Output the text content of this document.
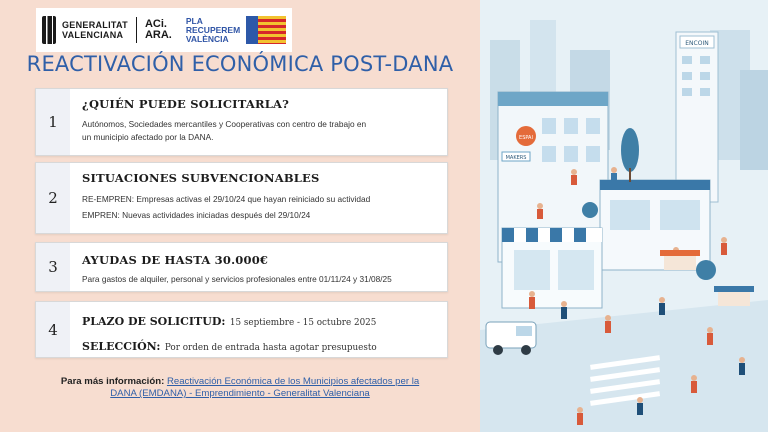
GENERALITAT
VALENCIANA
ACi.
ARA.
PLA
RECUPEREM
VALÈNCIA
REACTIVACIÓN ECONÓMICA POST-DANA
1
¿QUIÉN PUEDE SOLICITARLA?
Autónomos, Sociedades mercantiles y Cooperativas con centro de trabajo en
un municipio afectado por la DANA.
2
SITUACIONES SUBVENCIONABLES
RE-EMPREN: Empresas activas el 29/10/24 que hayan reiniciado su actividad
EMPREN: Nuevas actividades iniciadas después del 29/10/24
3	AYUDAS DE HASTA 30.000€
Para gastos de alquiler, personal y servicios profesionales entre 01/11/24 y 31/08/25
4	PLAZO DE SOLICITUD: 15 septiembre - 15 octubre 2025
SELECCIÓN: Por orden de entrada hasta agotar presupuesto
Para más información: Reactivación Económica de los Municipios afectados per la
DANA (EMDANA) - Emprendimiento - Generalitat Valenciana
ENCOIN
ESPAI
MAKERS
